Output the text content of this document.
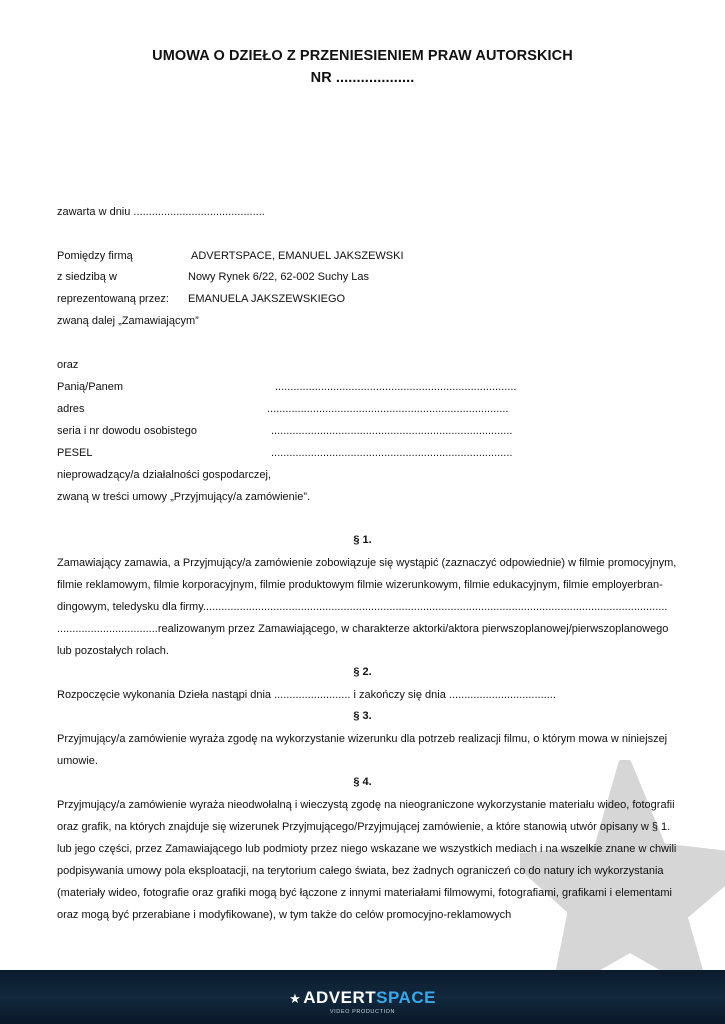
UMOWA O DZIEŁO Z PRZENIESIENIEM PRAW AUTORSKICH
NR ...................
zawarta w dniu ...........................................
Pomiędzy firmą	ADVERTSPACE, EMANUEL JAKSZEWSKI
z siedzibą w	Nowy Rynek 6/22, 62-002 Suchy Las
reprezentowaną przez: EMANUELA JAKSZEWSKIEGO
zwaną dalej „Zamawiającym”
oraz
Panią/Panem	...............................................................................
adres	...............................................................................
seria i nr dowodu osobistego	...............................................................................
PESEL	...............................................................................
nieprowadzący/a działalności gospodarczej,
zwaną w treści umowy „Przyjmujący/a zamówienie”.
§ 1.
Zamawiający zamawia, a Przyjmujący/a zamówienie zobowiązuje się wystąpić (zaznaczyć odpowiednie) w filmie promocyjnym, filmie reklamowym, filmie korporacyjnym, filmie produktowym filmie wizerunkowym, filmie edukacyjnym, filmie employerbran-dingowym, teledysku dla firmy........................................................................................................................................................ .................................realizowanym przez Zamawiającego, w charakterze aktorki/aktora pierwszoplanowej/pierwszoplanowego lub pozostałych rolach.
§ 2.
Rozpoczęcie wykonania Dzieła nastąpi dnia ......................... i zakończy się dnia ...................................
§ 3.
Przyjmujący/a zamówienie wyraża zgodę na wykorzystanie wizerunku dla potrzeb realizacji filmu, o którym mowa w niniejszej umowie.
§ 4.
Przyjmujący/a zamówienie wyraża nieodwołalną i wieczystą zgodę na nieograniczone wykorzystanie materiału wideo, fotografii oraz grafik, na których znajduje się wizerunek Przyjmującego/Przyjmującej zamówienie, a które stanowią utwór opisany w § 1. lub jego części, przez Zamawiającego lub podmioty przez niego wskazane we wszystkich mediach i na wszelkie znane w chwili podpisywania umowy pola eksploatacji, na terytorium całego świata, bez żadnych ograniczeń co do natury ich wykorzystania (materiały wideo, fotografie oraz grafiki mogą być łączone z innymi materiałami filmowymi, fotografiami, grafikami i elementami oraz mogą być przerabiane i modyfikowane), w tym także do celów promocyjno-reklamowych
★ ADVERTSPACE
VIDEO PRODUCTION
